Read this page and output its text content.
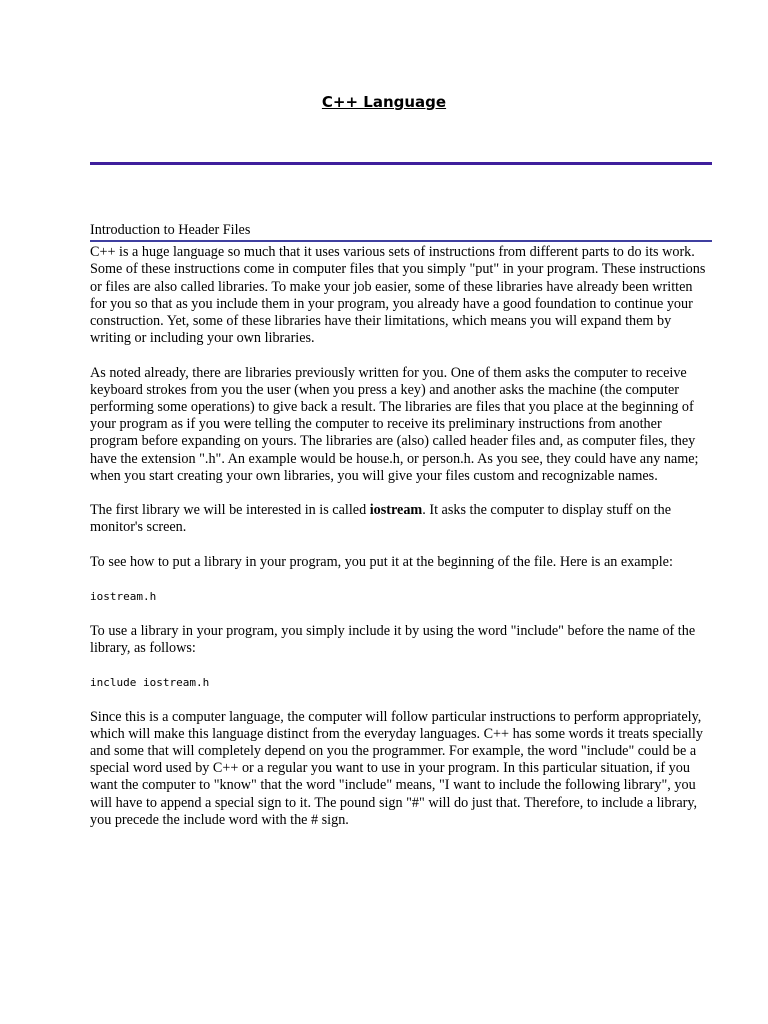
C++ Language
Introduction to Header Files

C++ is a huge language so much that it uses various sets of instructions from different parts to do its work. Some of these instructions come in computer files that you simply "put" in your program. These instructions or files are also called libraries. To make your job easier, some of these libraries have already been written for you so that as you include them in your program, you already have a good foundation to continue your construction. Yet, some of these libraries have their limitations, which means you will expand them by writing or including your own libraries.

As noted already, there are libraries previously written for you. One of them asks the computer to receive keyboard strokes from you the user (when you press a key) and another asks the machine (the computer performing some operations) to give back a result. The libraries are files that you place at the beginning of your program as if you were telling the computer to receive its preliminary instructions from another program before expanding on yours. The libraries are (also) called header files and, as computer files, they have the extension ".h". An example would be house.h, or person.h. As you see, they could have any name; when you start creating your own libraries, you will give your files custom and recognizable names.

The first library we will be interested in is called iostream. It asks the computer to display stuff on the monitor's screen.

To see how to put a library in your program, you put it at the beginning of the file. Here is an example:

iostream.h

To use a library in your program, you simply include it by using the word "include" before the name of the library, as follows:

include iostream.h

Since this is a computer language, the computer will follow particular instructions to perform appropriately, which will make this language distinct from the everyday languages. C++ has some words it treats specially and some that will completely depend on you the programmer. For example, the word "include" could be a special word used by C++ or a regular you want to use in your program. In this particular situation, if you want the computer to "know" that the word "include" means, "I want to include the following library", you will have to append a special sign to it. The pound sign "#" will do just that. Therefore, to include a library, you precede the include word with the # sign.
